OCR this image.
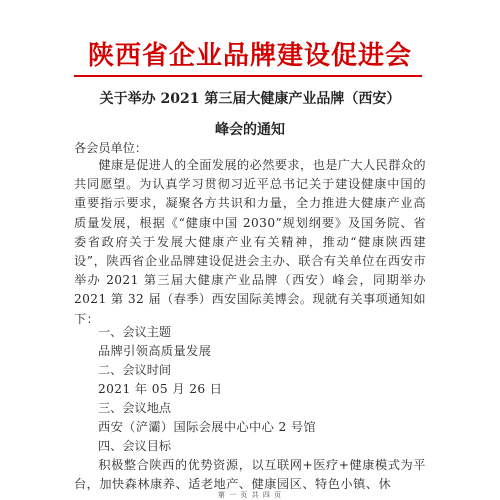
陕西省企业品牌建设促进会
关于举办 2021 第三届大健康产业品牌（西安）
峰会的通知
各会员单位：
健康是促进人的全面发展的必然要求，也是广大人民群众的共同愿望。为认真学习贯彻习近平总书记关于建设健康中国的重要指示要求，凝聚各方共识和力量，全力推进大健康产业高质量发展，根据《“健康中国 2030”规划纲要》及国务院、省委省政府关于发展大健康产业有关精神，推动“健康陕西建设”，陕西省企业品牌建设促进会主办、联合有关单位在西安市举办 2021 第三届大健康产业品牌（西安）峰会，同期举办 2021 第 32 届（春季）西安国际美博会。现就有关事项通知如下：
一、会议主题
品牌引领高质量发展
二、会议时间
2021 年 05 月 26 日
三、会议地点
西安（浐灞）国际会展中心中心 2 号馆
四、会议目标
积极整合陕西的优势资源，以互联网+医疗+健康模式为平台，加快森林康养、适老地产、健康园区、特色小镇、休
第 一 页 共 四 页
